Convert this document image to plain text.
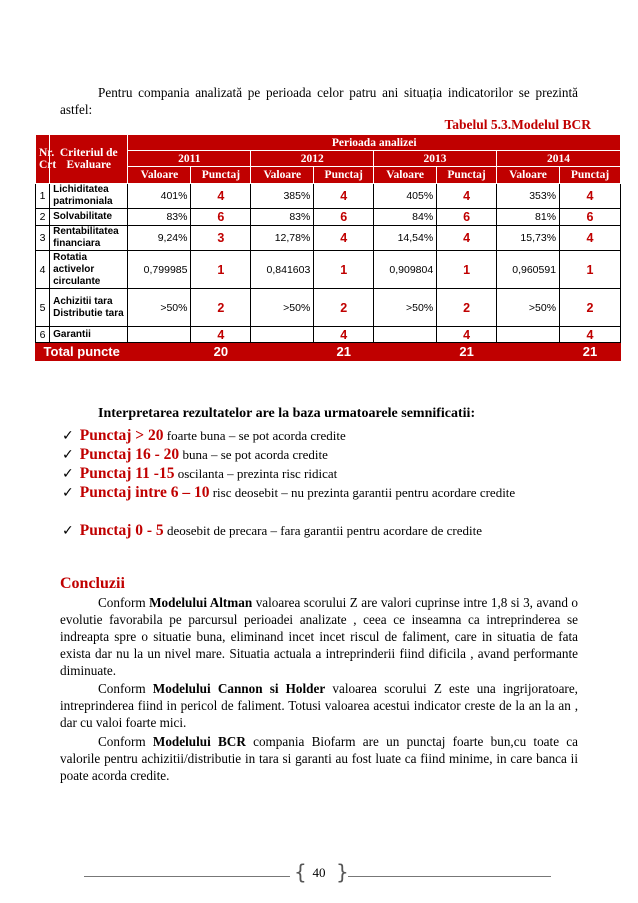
Pentru compania analizată pe perioada celor patru ani situația indicatorilor se prezintă astfel:
Tabelul 5.3.Modelul BCR
Nr. Crt	Criteriul de Evaluare	Perioada analizei							
		2011		2012		2013		2014	
		Valoare	Punctaj	Valoare	Punctaj	Valoare	Punctaj	Valoare	Punctaj
1	Lichiditatea patrimoniala	401%	4	385%	4	405%	4	353%	4
2	Solvabilitate	83%	6	83%	6	84%	6	81%	6
3	Rentabilitatea financiara	9,24%	3	12,78%	4	14,54%	4	15,73%	4
4	Rotatia activelor circulante	0,799985	1	0,841603	1	0,909804	1	0,960591	1
5	Achizitii tara Distributie tara	>50%	2	>50%	2	>50%	2	>50%	2
6	Garantii		4		4		4		4
Total puncte			20		21		21		21
Interpretarea rezultatelor are la baza urmatoarele semnificatii:
✓ Punctaj > 20 foarte buna – se pot acorda credite
✓ Punctaj 16 - 20 buna – se pot acorda credite
✓ Punctaj 11 -15 oscilanta – prezinta risc ridicat
✓ Punctaj intre 6 – 10 risc deosebit – nu prezinta garantii pentru acordare credite
✓ Punctaj 0 - 5 deosebit de precara – fara garantii pentru acordare de credite
Concluzii
Conform Modelului Altman valoarea scorului Z are valori cuprinse intre 1,8 si 3, avand o evolutie favorabila pe parcursul perioadei analizate , ceea ce inseamna ca intreprinderea se indreapta spre o situatie buna, eliminand incet incet riscul de faliment, care in situatia de fata exista dar nu la un nivel mare. Situatia actuala a intreprinderii fiind dificila , avand performante diminuate.
Conform Modelului Cannon si Holder valoarea scorului Z este una ingrijoratoare, intreprinderea fiind in pericol de faliment. Totusi valoarea acestui indicator creste de la an la an , dar cu valoi foarte mici.
Conform Modelului BCR compania Biofarm are un punctaj foarte bun,cu toate ca valorile pentru achizitii/distributie in tara si garanti au fost luate ca fiind minime, in care banca ii poate acorda credite.
{ }
40
